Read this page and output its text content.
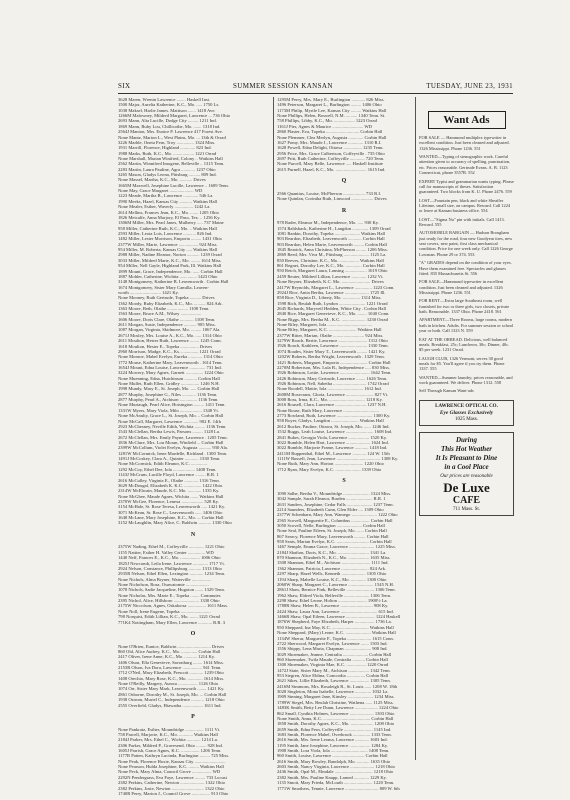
SIX	SUMMER SESSION KANSAN	TUESDAY, JUNE 23, 1931
3628 Maren, Wrenin Lawrence ........ Haskell Inst.
1500 Major, Aurelia Katherine, K.C., Mo. ..... 1750 Ls.
1038 Maksel, Harlie James. Mattison ....... 1418 Ave.
1266M Malowney, Mildred Margaret, Lawrence ... 736 Ohio
2693 Mann, Alta Lucille, Dodge City ......... 1211 Ind.
1869 Mann, Ruby Lou, Chillicothe, Mo. ....... 1318 Ind.
2564J Manion, Mrs. Eunice P. Lawrence 417 Forest Ave.
None Mantz, Marion L., West Plains, Mo. ... 13th & Orrad
3226 Marble, Oneta Fern, Troy ............... 1324 Miss.
1931 Marrill, Florence, Highland ............. 823 Ind.
1988 Marks, Ruth, K.C., Mo. .................. 1221 Orrad
None Marshall, Marian Winifred, Colony .. Watkins Hall
2562 Martin, Winnifred Imogene, Belleville .. 1315 Tenn.
2283 Martin, Laura Pauline, Agra ............ 1237 Ohio
3265 Mason, Gladys Leona, Pittsburg .......... 809 Ind.
None Massel, Martha, K.C., Mo. ........... Drives
1665M Maxwell, Josephine Lucille, Lawrence .. 1609 Tenn.
None May, Grace Margaret ..................... WD
1223 Meade, Martha B., Lawrence ............. 546 La.
1990 Meeks, Hazel, Kansas City ........... Watkins Hall
None Mealer, Esther, Waverly ................ 1242 La.
2614 Mellins, Frances Jean, K.C., Mo. ....... 1205 Ohio
1826 Metcalfe, Anna Marjory, El Paso, Tex. .. 1256 Ky.
1306M Miller, Mrs. Pearl Janes, Mulberry ..... 737 Maine
958 Miller, Catherine Ruth, K.C., Mo. .. Watkins Hall
2593 Miller, Leota Lois, Lawrence ........... 826 Ind.
1482 Miller, Lester Morrison, Emporia ......... 1431 Ohio
2377W Miller, Marie, Lawrence ................. 924 Miss.
954 Miller, M. Roberta, Kansas City ..... Watkins Hall
2988 Miller, Nadine Eleanor, Norton ........... 1239 Orrad
3033 Miller, Mildred Marie, K.C., Mo. ........ 1614 Miss.
954 Miller, Nell Gayle, Highland Park, Ill. Watkins Hall
1899 Mount, Grace, Independence, Mo. ...... Corbin Hall
1887 Mohler, Catherine, Wichita ............... 1423 Ohio
3148 Montgomery, Katherine B. Leavenworth . Corbin Hall
1674 Montgomery, Sister Mary Camilla, Leaven-
worth ........................... 1421 Ky.
None Mooney, Ruth Gertrude, Topeka .......... Drives
1362 Moody, Ruby Elizabeth, K.C., Mo. .......... 824 Ark.
1363 Moore, Beth, Olathe .................. 1108 Tenn.
1563 Moore, Bruce A.M., Wilsey ..................
1606 Moore, Doris Clare, Olathe ............ 1108 Tenn.
2611 Morgan, Susie, Independence ........... 905 Miss.
1087 Morgan, Virginia, Skidmore, Mo. ......... 1067 Ala.
2671J Mosley, Mrs. Louise A., K.C., Mo. ..... 1314 Ohio
2611 Moulton, Hester Ruth, Lawrence ........ 1245 Conn.
1618 Moulton, Hester E., Topeka ................ Drives
2960 Morrison, Madge, K.C., Ks. ............... 1221 Orrad
None Monroe, Mabel Evelyn, Eureka ............ 1314 Ohio
1772 Mouse, Katherine Mary, Leavenworth . 1614 Tenn.
1654J Mount, Edna Louise, Lawrence .............. 731 Ind.
3224 Mowery, Mary Agnes, Garnett ............... 1224 Ohio
None Muenning, Edna, Hutchinson ........... Corbin Hall
None Mullet, Ruth Ellen, Gridley ................ 1246 N.H.
1998 Mundy, Mary E., St. Joseph, Mo. ..... Corbin Hall
2877 Murphy, Josephine G., Niles ............ 1136 Tenn.
2877 Murphy, Pearl A., Atchison ............... 1136 Tenn.
None Murtaugh, Pearl Alice, Hoisington ......... 1411 Tenn.
1331W Myers, Mary Viola, Milo ................... 1348 Vt.
None McAnulty, Grace L., St. Joseph, Mo. .. Corbin Hall
None McCall, Margaret, Lawrence ............. 902 E. 14th
2923 McChesney, Neville Edith, Wichita ......... 1136 Tenn.
1543 McClellan, Bertha Lewis, Parsons ......... 1128 La.
2672 McClellan, Mrs. Emily Payne, Lawrence . 1205 Tenn.
1836 McClure, Mrs. Lou Moran, Winfield ... Corbin Hall
2399W McCollum, Violet Evelyn, Augusta ........... 930 Ala.
1281W McCormick, Irene Mardelle, Richland . 1300 Tenn.
1491J McCoskey, Clara A., Quinter ............ 1330 Tenn.
None McCormick, Edith Eleanor, K.C. ..............
1292 McCoy, Ethel Dee, Iola ................... 1408 Tenn.
1143J McCrum, Lucille Floyd, Lawrence ......... R.R. 1
2616 McCulley, Virginia E., Olathe ............ 1316 Tenn.
3629 McDougal, Elizabeth K. K.C. ............... 1422 Ohio.
2314W McElwain, Maude, K.C. Mo. ............ 1335 Ky.
None McGhee, Maude Agnes, Wichita ....... Watkins Hall
2370W McGee, Florence, Lenexa ................... 528 Ky.
3154 McHale, St. Rose Teresa, Leavenworth ..... 1421 Ky.
3071 McKean, Sr. Rose C., Leavenworth ...... 1406 Ohio
1648 McLane, Mary Josephine, K.C., Mo. ... Corbin Hall
3152 McLaughlin, Mary Alice, C. Baldwin ........... 1330 Ohio
N
2375W Nading, Ethel M., Coffeyville ............. 1221 Ohio
1155 Nattier, Esther H. Valley Center ............... WD
1440 Neff, Frances E., K.C., Mo. ................. 1006 Ohio
1825J Newcomb, Leila Irene, Lawrence ............. 1717 Vt.
2924 Nelson, Constance, Phillipsburg ........... 1313 Ohio
2935R Nelson, Ethel Ellen, Lexington ............ 1234 Tenn.
None Nichols, Alma Bryner, Waterville .................
None Nicholson, Rosa, Osawatomie ....................
1078 Nichols, Sadie Jacqueline, Hugoton ....... 1329 Tenn.
None Nicholas, Mrs. Marie E., Topeka ........ Commutes
2395 Nichol, Alice, Hillsboro ...................... 1330 Ohio
2175W Niccolson, Agnes, Oskaloosa ................ 1611 Mass.
None Noll, Irene Eugene, Topeka ..........................
798 Norquist, Edith Lillian, K.C., Mo. ....... 1221 Orrad
771K4 Nottingham, Mary Ellen, Lawrence ............ R.R. 3
O
None O'Brien, Eunice, Baldwin ............................. Drives
860 Old, Alice Audrey, K.C., Mo. .............. Corbin Hall
2417 Oliver, Irene Anne, K.C., Mo. ........... 1214 Ky.
1406 Olson, Ella Genevieve, Savonburg ........ 1614 Miss.
2153R Olson, Iva Dora, Lawrence ................. 941 Tenn.
1712 O'Neil, Mary Elizabeth, Prescott ............ 1239 Ohio
1408 Orechio, Mary Rose, K.C., Mo. ............. 1614 Miss.
None O'Reilly, Margery, Aurora ................. 1126 Ohio
1074 Orr, Sister Mary Mark, Leavenworth ........ 1421 Ky.
2861 Osborne, Dorothy M., St. Joseph, Mo. ... Corbin Hall
1938 Ostrom, Muriel C., Independence ........... 1218 Ohio
2555 Overfield, Gladys, Hiawatha .................. 1611 Ind.
P
None Pankratz, Esther, Moundridge ................ 1111 Vt.
758 Parcell, Marjorie, K.C., Mo. ............ Watkins Hall
2184J Parker, Mrs. Ethel C., Wichita ............ 1214 La.
2306 Parker, Mildred P., Gravesend, Ohio ......... 928 Ind.
1605J Parrish, Grace Agnes, K.C. ................ 1206 Tenn.
1177R Patten, Kathryn Lucinda, Burlington ......... 725 Miss.
None Peak, Florence Hoxie, Kansas City ...........................
None Pearson, Hulda Josephine, K.C. ......... Watkins Hall
None Peck, Mary Alma, Council Grove ................. WD
2292N Pendergrass, Eva Faye, Lawrence ......... 733 Locust
2382 Perkins, Catherine, Newton ..................... 1322 Ohio
2382 Perkins, Josie, Newton ............................ 1322 Ohio
1740R Perry, Marion J., Council Grove ................ 913 Ohio
1295M Perry, Mrs. Mary E., Burlington ............ 826 Miss.
1496 Peterson, Margaret L., Burlington ......... 1406 Ohio
1173M Philip, Myrtle Lee, Kansas City ......... Watkins Hall
None Phillips, Helen, Boswell, N.M. .......... 1340 Tenn. St.
758 Phillips, Libby, K.C., Mo. .................. 1223 Orrad
1161J Pier, Agnes & Maurice ........................... WD
2860 Plaster, Eva, Topeka ............................. Corbin Hall
None Plemmer, Clea Merlyn, Augusta ............. Corbin Hall
1627 Pomy, Mrs. Maude J., Lawrence ............. 1310 R.I.
1628 Powell, Edna Delight, Ottawa ................ 1235 Tenn.
2956 Price, Mrs. Grace Culbertson, Coffeyville . 735 Ohio
2697 Pritt, Ruth Catherine, Coffeyville ............. 720 Tenn.
None Purcell, Mary Belle, Lawrence ..... Haskell Institute
2615 Purnell, Hazel, K.C., Mo. ........................... 1615 Ind.
Q
2566 Quantius, Louise, McPherson ................... 733 R.I.
None Quinlan, Corintha Ruth, Linwood ................... Drives
R
978 Rader, Eleanor M., Independence, Mo. ..... 930 Ky.
1574 Rahlsback, Katherine H., Langdon .............. 1309 Orrad
1081 Rankin, Dorothy, Topeka ...................... Watkins Hall
903 Reardon, Elizabeth, Leavenworth ............ Corbin Hall
903 Reardon, Helen Marie, Leavenworth ......... Corbin Hall
1845 Rearick, Anna Christina, McPherson ......... 1206 Miss.
2869 Reed, Mrs. Viva M., Pittsburg ...................... 1125 La.
850 Reeves, Christine, K.C., Mo. ................. Watkins Hall
861 Regnet, Dorothy Lee, K.C., Mo. .............. Corbin Hall
950 Reich, Margaret Laura, Lansing ................... 1619 Ohio
2459 Reuter, Mildred Lillian, Lawrence ............. 1232 Vt.
None Reyner, Elizabeth, K.C. Mo. ......................... Drives
2417W Reynolds, Margaret L., Lawrence ............... 1223 Conn.
2924J Rice, Anita Bertha, Lawrence ..................... 1725 Ill.
858 Rice, Virginia D., Liberty, Mo. ............... 1314 Miss.
1598 Rich, Beulah Ruth, Lyndon ....................... 1221 Orrad
2645 Richards, Maryveil Hedden, White City . Corbin Hall
2840 Rice, Margaret Genevieve, K.C., Mo. ........ 1040 Conn.
None Riggs, Mrs. Bertha M., K.C. ..................... 1230 Orrad
None Riley, Margaret, Iola .......................................
None Riley, Margaret, K.C. ........................ Watkins Hall
2377W Ritter, Marian, Olathe ........................... 924 Miss.
3279W Roach, Bertie, Lawrence ......................... 1312 Ohio
1926 Roach, Kathleen, Lawrence ........................ 1330 Tenn.
1074 Roades, Sister Mary T., Leavenworth ......... 1421 Ky.
1202W Roberts, Bertha Wright, Leavenworth . 1329 Tenn.
1421 Roberts, Margaret, Emporia ........................ Corbin Hall
2270M Robertson, Mrs. Lula B., Independence ..... 830 Miss.
1926 Robinson, Lottie, Lawrence .......................... 1642 Tenn.
2426 Robinson, Mary Gertrude, Lawrence ........ 1626 Tenn.
1926 Robinson, Nell, Sabetha ............................. 1742 Orrad
None Roodell, Mattie, Iola ............................... 1612 Ind.
2608M Rosecrans, Gloria, Lawrence ........................ 827 Vt.
3008 Ross, Irma, K.C., Mo. ............................... 1218 Ky.
2616 Rousell, Clara, Lawrence ........................... 1237 N.H.
None Rouse, Ruth Mary, Lawrence ...............................
2773 Rowland, Ruth, Lawrence ............................... 1300 Ky.
958 Royer, Gladys, Langdon ........................ Watkins Hall
2612 Rucker, Pauline, Ottawa, St. Joseph, Mo. ...... 1246 Ind.
1532 Ruggs, Leah Louise, Lawrence ........................ 1608 Ind.
2841 Rukes, Georgia Viola, Lawrence .................. 1520 Ky.
3022 Rumble, Helen Hart, Lawrence ..................... 1624 Ind.
3022 Rumble, Marjorie Frame, Lawrence ............ 1418 Ind.
2411M Ruppenthal, Ethel M., Lawrence ............ 124 W. 15th
1111W Russell, Jean, Lawrence ...................................... 1308 Ky.
None Ruth, Mary Ann, Horton ......................... 1220 Ohio
1712 Ryan, Mary Evelyn, K.C. ...................... 1339 Ohio
S
1090 Salbe, Bertha V., Moundridge ....................... 1324 Miss.
3042 Sample, Sarah Eleanor, Burden ....................... R.R. 1
2631 Sanders, Josephine, Cedar Falls ...................... 1237 Tenn.
2214 Saunders, Elizabeth Cunn, Glen Elder .... 1309 Ohio
2377W Schenbarn, Mary Ann, Wamego ...................... 1222 Ohio
2565 Scovell, Marguerite E., Columbus ................ Corbin Hall
3050 Scovell, Nelle, Burlington ...................... Corbin Hall
None Seal, Pauline Eileen, St. Joseph, Mo. ...... Corbin Hall
867 Searcy, Florence Mary, Leavenworth .......... Corbin Hall
958 Seats, Marian Evelyn, K.C. ............................ Corbin Hall
1467 Semple, Emma Grace, Lawrence ...................... 1225 Miss.
2184J Shafton, Doris, K.C., Mo. ........................... 1341 La.
870 Shannon, Elizabeth N., K.C., Mo. .................. 1635 Miss.
1508 Shannon, Ethel M., Atchison ......................... 1111 Ind.
1362 Shannon, Patricia, Lawrence ........................ 824 Ark.
2297 Sharp, Hazel Wells, Kenneth ..................... 1305 Ohio
1194 Sharp, Mabelle Louise, K.C., Mo. ............. 1300 Ohio
2060W Sharp, Margaret C., Lawrence ...................... 1545 N.H.
2861J Shaw, Bernice Fink, Belleville ........................ 1306 Tenn.
1962 Shaw, Eldred Viola, Belleville ...................... 1306 Tenn.
2298 Shaw, Ethel Leone, Holton ......................... 1900½ La.
1788R Shaw, Helen B., Lawrence ............................ 908 Ky.
2424 Shaw, Laura Ann, Lawrence ................................ 615 Ind.
1466R Shaw, Opal Eileen, Lawrence ......................... 1224 Haskell
1876W Shepherd, Faye Elizabeth, Harper ................. 1736 La.
950 Sheppard, Ina May, K.C. ................................ Watkins Hall
None Sheppard, (Mary) Leone, K.C. ...................... Watkins Hall
1134W Sherar, Marguerite F., Topeka ..................... 1615 Conn.
2722 Sherwood, Margaret Evelyn, Lawrence ....... 1503 Ind.
1556 Shippy, Lena Maria, Chapman ....................... 908 Ind.
3029 Shoemaker, Jeanne, Centralia ...................... Corbin Hall
960 Shoemaker, Twila Maude, Centralia ........... Corbin Hall
1300 Shoemaker, Virginia Mae, K.C. ................. 1220 Orrad
1472J Siate, Sister Mary M., Atchison .................. 1342 Tenn.
953 Siegren, Alice Eldina, Concordia ................ Corbin Hall
2621 Sikes, Lillie Elizabeth, Lawrence ................. 1305 Tenn.
2416M Simmons, Mrs. Rosaleigh R., St. Louis ...... 1208 W. 18th
3028 Singleton, Mona Isabelle, Lawrence .............. 1032 La.
1909 Sinning, Margaret Jane, Kinsley ...................... 1234 Miss.
1789W Siegel, Mrs. Beulah Christine, Wathena ...... 1125 Miss.
1483K Smith, Betty Lee Dunn, Lawrence .................... 1224 Ohio
862 Small, Cynthia Holmes, Lawrence ..................... 1303 Ohio
None Smith, Anna, K.C. ......................................... Corbin Hall
1858 Smith, Dorothy Agnes, K.C., Mo. .................... 1208 Ohio
2659 Smith, Edna Fern, Coffeyville ......................... 1145 Ind.
1683 Smith, Florence Mabel, Overbrook ............... 1333 Tenn.
2616 Smith, Mrs. Irene Leoma, Lawrence ............ 1603 Ind.
1195 Smith, Jane Josephine, Lawrence .................. 1284 Ky.
1908 Smith, Lora Viola, Iola ................................ 1408 Tenn.
960 Smith, Louise, Lawrence ............................ Corbin Hall
2616 Smith, Mary Rowley, Randolph, Mo. ........... 1635 Ohio
2603 Smith, Nancy Virginia, Lawrence ..................... 1218 Ohio
2436 Smith, Opal M., Elmdale ................................. 1218 Ohio
2382 Smith, Mrs. Pauline Knapp, Larned ............. 1229 Ky.
1135 Smott, Mary Frieda, McLouth ......................... 1220 Tenn.
1771W Smothers, Tennie, Lawrence ............................. 809 W. 6th
Want Ads
FOR SALE — Hammond multiplex typewriter in excellent condition. Just been cleaned and adjusted. 1326 Mississippi. Phone 1236. 551
WANTED—Typing of stenographic work. Careful attention given to accuracy of spelling, punctuation, etc. Prices reasonable. Gertrude Evans. A. B. 1123 Connecticut, phone 3557R. 552
EXPERT Typist and grammarian wants typing. Please call for manuscripts of theses. Satisfaction guaranteed. Two blocks from K. U. Phone 2476. 559
LOST—Fountain pen, black and white Sheaffer Lifetime, small size, on campus. Reward. Call 1224 or leave at Kansan business office. 554
LOST—"Sigma Nu" pin with initials. Call 1413. Reward. 555
AUTOMOBILE BARGAIN — Hudson Brougham just ready for the road, four new Goodyear tires, new seat covers, new paint, first class mechanical condition. Price for one week only. Call 1226 George Lowman. Phone 29 or 374. 553
"A" GRADES depend on the condition of your eyes. Have them examined free. Spectacles and glasses fitted. 835 Massachusetts St. 556
FOR SALE—Hammond typewriter in excellent condition. Just been cleaned and adjusted. 1326 Mississippi. Phone 1236. 551
FOR RENT—Extra large Southeast room, well furnished for two or three girls, two closets, private bath. Reasonable. 1337 Ohio. Phone 2418. 561
APARTMENT—Three Rooms, large rooms, modern bath in kitchen. Adults. For summer session or school year or both. Call 1323 N. 559
EAT AT THE ORREAD. Delicious, well balanced meals. Breakfast, 25c; Luncheon, 30c; Dinner, 40c. $5 per week. 1231 Orrad.
LAUGH CLUB, 1326 Vermont, serves 30 good meals for $5. You'll agree if you try them. Phone 1337. 555
WANTED—Summer laundry; prices reasonable, and work guaranteed. We deliver. Phone 1312. 558
Sell Through Kansan Want-ads
LAWRENCE OPTICAL CO.
Eye Glasses Exclusively
1025 Mass.
During
This Hot Weather
It Is Pleasant to Dine
in a Cool Place
Our prices are reasonable
De Luxe
CAFE
711 Mass. St.
